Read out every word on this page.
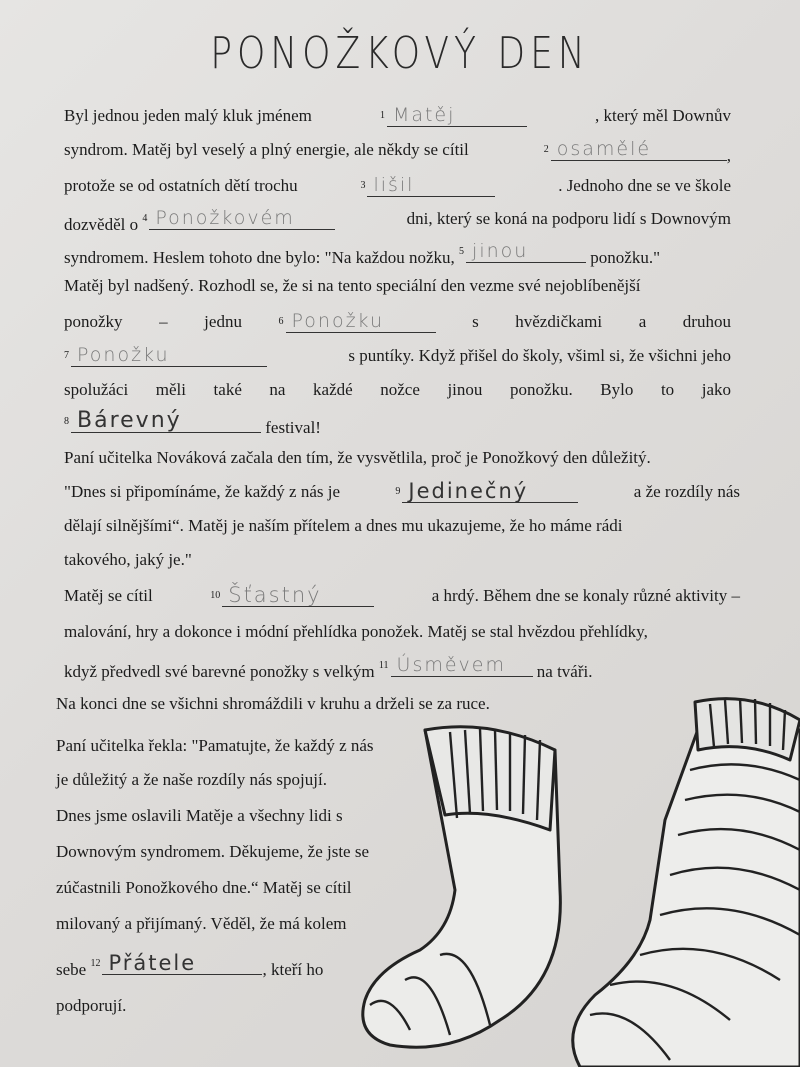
PONOŽKOVÝ DEN
Byl jednou jeden malý kluk jménem	$^1$ Matěj	, který měl Downův
syndrom. Matěj byl veselý a plný energie, ale někdy se cítil	$^2$ osamělé	,
protože se od ostatních dětí trochu	$^3$ lišil	. Jednoho dne se ve škole
dozvěděl o $^4$ Ponožkovém	dni, který se koná na podporu lidí s Downovým
syndromem. Heslem tohoto dne bylo: "Na každou nožku, $^5$ jinou	ponožku."
Matěj byl nadšený. Rozhodl se, že si na tento speciální den vezme své nejoblíbenější
ponožky – jednu	$^6$ Ponožku	s hvězdičkami a druhou
$^7$ Ponožku	s puntíky. Když přišel do školy, všiml si, že všichni jeho
spolužáci měli také na každé nožce jinou ponožku. Bylo to jako
$^8$ Bárevný	festival!
Paní učitelka Nováková začala den tím, že vysvětlila, proč je Ponožkový den důležitý.
"Dnes si připomínáme, že každý z nás je	$^9$ Jedinečný	a že rozdíly nás
dělají silnějšími“. Matěj je naším přítelem a dnes mu ukazujeme, že ho máme rádi
takového, jaký je."
Matěj se cítil	$^{10}$ Šťastný	a hrdý. Během dne se konaly různé aktivity –
malování, hry a dokonce i módní přehlídka ponožek. Matěj se stal hvězdou přehlídky,
když předvedl své barevné ponožky s velkým $^{11}$ Úsměvem na tváři.
Na konci dne se všichni shromáždili v kruhu a drželi se za ruce.
Paní učitelka řekla: "Pamatujte, že každý z nás
je důležitý a že naše rozdíly nás spojují.
Dnes jsme oslavili Matěje a všechny lidi s
Downovým syndromem. Děkujeme, že jste se
zúčastnili Ponožkového dne.“ Matěj se cítil
milovaný a přijímaný. Věděl, že má kolem
sebe $^{12}$ Přátele	, kteří ho
podporují.
